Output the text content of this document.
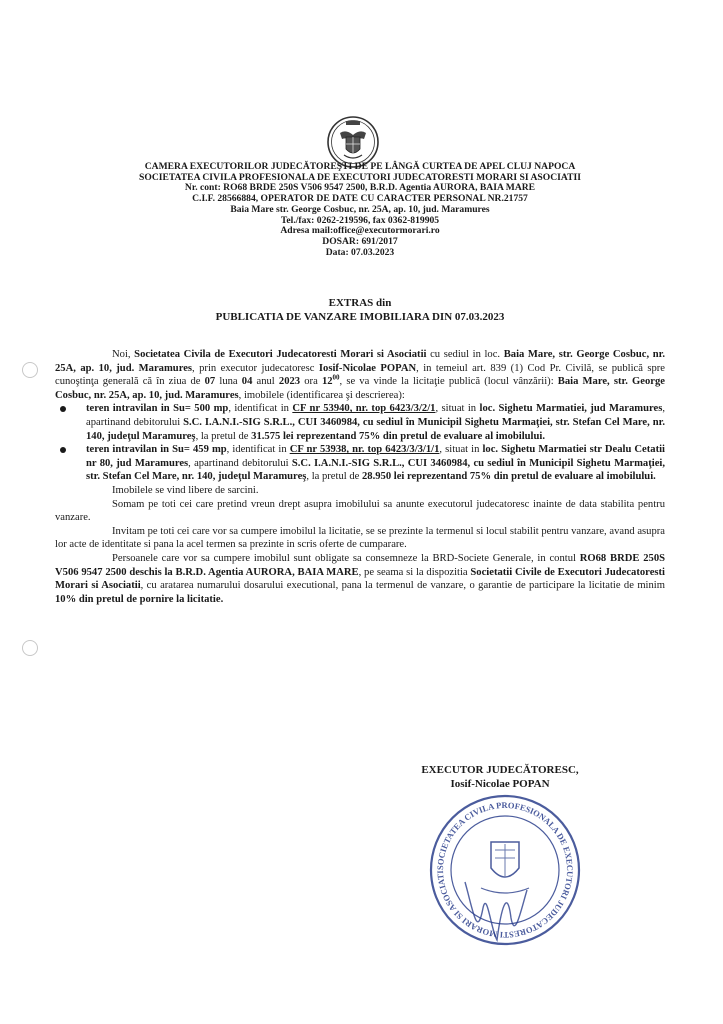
CAMERA EXECUTORILOR JUDECĂTOREŞTI DE PE LÂNGĂ CURTEA DE APEL CLUJ NAPOCA
SOCIETATEA CIVILA PROFESIONALA DE EXECUTORI JUDECATORESTI MORARI SI ASOCIATII
Nr. cont: RO68 BRDE 250S V506 9547 2500, B.R.D. Agentia AURORA, BAIA MARE
C.I.F. 28566884, OPERATOR DE DATE CU CARACTER PERSONAL NR.21757
Baia Mare str. George Cosbuc, nr. 25A, ap. 10, jud. Maramures
Tel./fax: 0262-219596, fax 0362-819905
Adresa mail:office@executormorari.ro
DOSAR: 691/2017
Data: 07.03.2023
EXTRAS din
PUBLICATIA DE VANZARE IMOBILIARA DIN 07.03.2023

Noi, Societatea Civila de Executori Judecatoresti Morari si Asociatii cu sediul in loc. Baia Mare, str. George Cosbuc, nr. 25A, ap. 10, jud. Maramures, prin executor judecatoresc Iosif-Nicolae POPAN, in temeiul art. 839 (1) Cod Pr. Civilă, se publică spre cunoştinţa generală că în ziua de 07 luna 04 anul 2023 ora $12^{00}$, se va vinde la licitaţie publică (locul vânzării): Baia Mare, str. George Cosbuc, nr. 25A, ap. 10, jud. Maramures, imobilele (identificarea şi descrierea):

teren intravilan in Su= 500 mp, identificat in CF nr 53940, nr. top 6423/3/2/1, situat in loc. Sighetu Marmatiei, jud Maramures, apartinand debitorului S.C. I.A.N.I.-SIG S.R.L., CUI 3460984, cu sediul în Municipil Sighetu Marmaţiei, str. Stefan Cel Mare, nr. 140, judeţul Maramureş, la pretul de 31.575 lei reprezentand 75% din pretul de evaluare al imobilului.
teren intravilan in Su= 459 mp, identificat in CF nr 53938, nr. top 6423/3/3/1/1, situat in loc. Sighetu Marmatiei str Dealu Cetatii nr 80, jud Maramures, apartinand debitorului S.C. I.A.N.I.-SIG S.R.L., CUI 3460984, cu sediul în Municipil Sighetu Marmaţiei, str. Stefan Cel Mare, nr. 140, judeţul Maramureş, la pretul de 28.950 lei reprezentand 75% din pretul de evaluare al imobilului.

Imobilele se vind libere de sarcini.

Somam pe toti cei care pretind vreun drept asupra imobilului sa anunte executorul judecatoresc inainte de data stabilita pentru vanzare.

Invitam pe toti cei care vor sa cumpere imobilul la licitatie, se se prezinte la termenul si locul stabilit pentru vanzare, avand asupra lor acte de identitate si pana la acel termen sa prezinte in scris oferte de cumparare.

Persoanele care vor sa cumpere imobilul sunt obligate sa consemneze la BRD-Societe Generale, in contul RO68 BRDE 250S V506 9547 2500 deschis la B.R.D. Agentia AURORA, BAIA MARE, pe seama si la dispozitia Societatii Civile de Executori Judecatoresti Morari si Asociatii, cu aratarea numarului dosarului executional, pana la termenul de vanzare, o garantie de participare la licitatie de minim 10% din pretul de pornire la licitatie.

EXECUTOR JUDECĂTORESC,
Iosif-Nicolae POPAN
SOCIETATEA CIVILA PROFESIONALA DE EXECUTORI JUDECATORESTI MORARI SI ASOCIATI
